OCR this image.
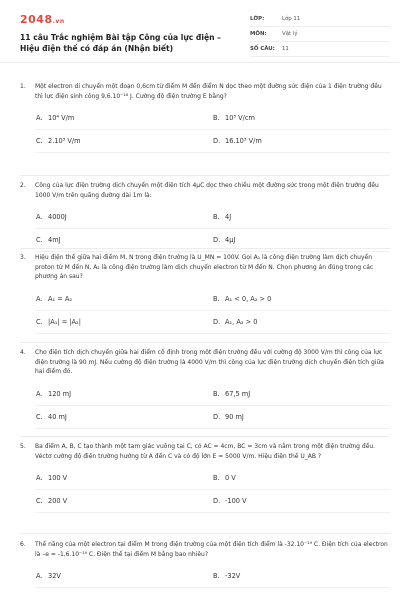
2048.vn
11 câu Trắc nghiệm Bài tập Công của lực điện – Hiệu điện thế có đáp án (Nhận biết)
LỚP:	Lớp 11
MÔN:	Vật lý
SỐ CÂU:	11
1.	Một electron di chuyển một đoạn 0,6cm từ điểm M đến điểm N dọc theo một đường sức điện của 1 điện trường đều thì lực điện sinh công 9,6.10⁻¹⁸ J. Cường độ điện trường E bằng?
A. 10⁴ V/m	B. 10³ V/cm
C. 2.10³ V/m	D. 16.10³ V/m
2.	Công của lực điện trường dịch chuyển một điện tích 4μC dọc theo chiều một đường sức trong một điện trường đều 1000 V/m trên quãng đường dài 1m là:
A. 4000J	B. 4J
C. 4mJ	D. 4μJ
3.	Hiệu điện thế giữa hai điểm M, N trong điện trường là U_MN = 100V. Gọi A₁ là công điện trường làm dịch chuyển proton từ M đến N, A₂ là công điện trường làm dịch chuyển electron từ M đến N. Chọn phương án đúng trong các phương án sau?
A. A₁ = A₂	B. A₁ < 0, A₂ > 0
C. |A₁| = |A₂|	D. A₁, A₂ > 0
4.	Cho điện tích dịch chuyển giữa hai điểm cố định trong một điện trường đều với cường độ 3000 V/m thì công của lực điện trường là 90 mJ. Nếu cường độ điện trường là 4000 V/m thì công của lực điện trường dịch chuyển điện tích giữa hai điểm đó.
A. 120 mJ	B. 67,5 mJ
C. 40 mJ	D. 90 mJ
5.	Ba điểm A, B, C tạo thành một tam giác vuông tại C, có AC = 4cm, BC = 3cm và nằm trong một điện trường đều. Véctơ cường độ điện trường hướng từ A đến C và có độ lớn E = 5000 V/m. Hiệu điện thế U_AB ?
A. 100 V	B. 0 V
C. 200 V	D. -100 V
6.	Thế năng của một electron tại điểm M trong điện trường của một điện tích điểm là -32.10⁻¹⁹ C. Điện tích của electron là –e = -1,6.10⁻¹⁹ C. Điện thế tại điểm M bằng bao nhiêu?
A. 32V	B. -32V
